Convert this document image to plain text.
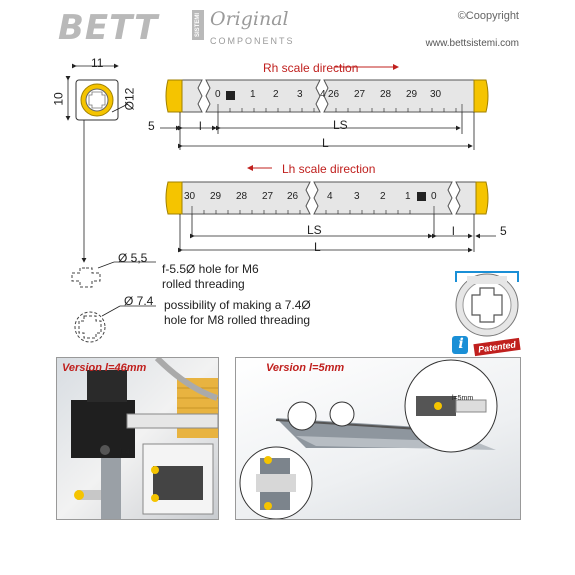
BETT	SISTEMI Original
COMPONENTS
©Coopyright
www.bettsistemi.com
11
10	Ø12
Rh scale direction
0	1 2 3 4 26 27 28 29 30
5	l	LS
L
Lh scale direction
30 29 28 27 26	4 3 2 1 0
LS	l	5
L
Ø 5,5
f-5.5Ø hole for M6
rolled threading
Ø 7.4 possibility of making a 7.4Ø
hole for M8 rolled threading
i	Patented
Version l=46mm
l=46
Version l=5mm
l=5mm
